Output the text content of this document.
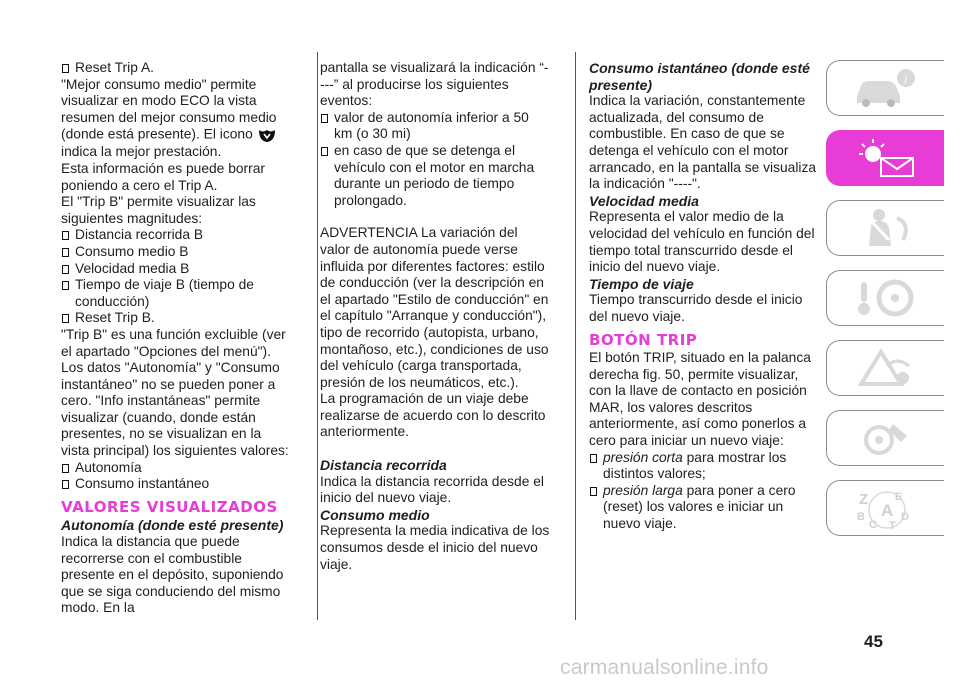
Reset Trip A.

"Mejor consumo medio" permite visualizar en modo ECO la vista resumen del mejor consumo medio (donde está presente). El icono  indica la mejor prestación.

Esta información es puede borrar poniendo a cero el Trip A.

El "Trip B" permite visualizar las siguientes magnitudes:

Distancia recorrida B
Consumo medio B
Velocidad media B
Tiempo de viaje B (tiempo de conducción)
Reset Trip B.

"Trip B" es una función excluible (ver el apartado "Opciones del menú").

Los datos "Autonomía" y "Consumo instantáneo" no se pueden poner a cero. "Info instantáneas" permite visualizar (cuando, donde están presentes, no se visualizan en la vista principal) los siguientes valores:

Autonomía
Consumo instantáneo
VALORES VISUALIZADOS
Autonomía (donde esté presente)

Indica la distancia que puede recorrerse con el combustible presente en el depósito, suponiendo que se siga conduciendo del mismo modo. En la

pantalla se visualizará la indicación “----” al producirse los siguientes eventos:

valor de autonomía inferior a 50 km (o 30 mi)
en caso de que se detenga el vehículo con el motor en marcha durante un periodo de tiempo prolongado.

ADVERTENCIA La variación del valor de autonomía puede verse influida por diferentes factores: estilo de conducción (ver la descripción en el apartado "Estilo de conducción" en el capítulo "Arranque y conducción"), tipo de recorrido (autopista, urbano, montañoso, etc.), condiciones de uso del vehículo (carga transportada, presión de los neumáticos, etc.).

La programación de un viaje debe realizarse de acuerdo con lo descrito anteriormente.

Distancia recorrida

Indica la distancia recorrida desde el inicio del nuevo viaje.

Consumo medio

Representa la media indicativa de los consumos desde el inicio del nuevo viaje.

Consumo istantáneo (donde esté presente)

Indica la variación, constantemente actualizada, del consumo de combustible. En caso de que se detenga el vehículo con el motor arrancado, en la pantalla se visualiza la indicación "----".

Velocidad media

Representa el valor medio de la velocidad del vehículo en función del tiempo total transcurrido desde el inicio del nuevo viaje.

Tiempo de viaje

Tiempo transcurrido desde el inicio del nuevo viaje.

BOTÓN TRIP

El botón TRIP, situado en la palanca derecha fig. 50, permite visualizar, con la llave de contacto en posición MAR, los valores descritos anteriormente, así como ponerlos a cero para iniciar un nuevo viaje:

presión corta para mostrar los distintos valores;
presión larga para poner a cero (reset) los valores e iniciar un nuevo viaje.
i
Z E
B A D
C T
45
carmanualsonline.info
